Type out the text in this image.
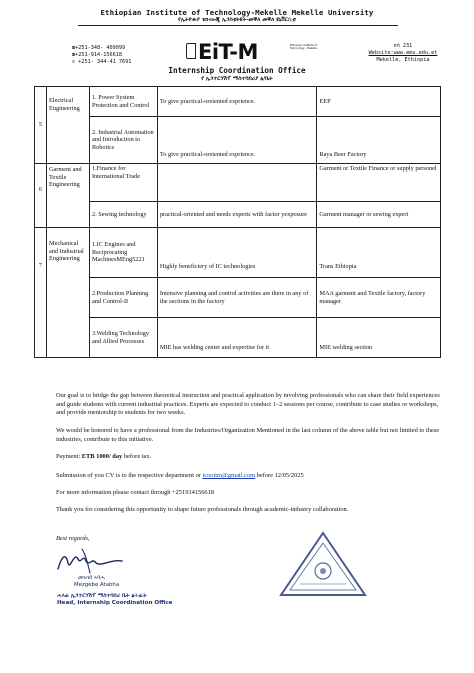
Ethiopian Institute of Technology-Mekelle Mekelle University
የኢትዮጵያ ቴክኖሎጂ ኢንስቲትዩት-መቐለ መቐለ ዩኒቨርሲቲ
☎+251-348- 409099
☎+251-914-156618
✆ +251- 344-41 7691	EiT-M	Ethiopian Institute of Technology - Mekelle	በሳ 231
Website:www.emu.edu.et
Mekelle, Ethiopia
Internship Coordination Office
የ ኢንተርንሽፕ ማስተባበሪያ ፅ/ቤት
5	Electrical Engineering	1. Power System Protection and Control	To give practical-oreiented exprience.	EEP
		2. Industrial Automation and Introduction to Robotics	To give practical-oreiented exprience.	Raya Beer Factory
6	Garment and Textile Engineering	1.Finance for International Trade		Garment or Textile Finance or supply personel
		2. Sewing technology	practical-oriented and needs experts with factor yexposure	Garment manager or sewing expert
7	Mechanical and Industrial Engineering	1.IC Engines and Reciprocating MachinesMEng5221	Highly beneficiery of IC technologies	Trans Ethiopia
		2.Production Planning and Control-II	Intensive planning and control activities are there in any of the sections in the factory	MAA garment and Textile factory, factory manager
		3.Welding Technology and Allied Processes	MIE has welding center and expertise for it	MIE welding section

Our goal is to bridge the gap between theoretical instruction and practical application by involving professionals who can share their field experiences and guide students with current industrial practices. Experts are expected to conduct 1–2 sessions per course, contribute to case studies or workshops, and provide mentorship to students for two weeks.

We would be honored to have a professional from the Industries/Organization Mentioned in the last column of the above table but not limited to these industries, contribute to this initiative.

Payment: ETB 1000/ day before tax.

Submission of you CV is to the respective department or icooitm@gmail.com before 12/05/2025

For more information please contact through +251914156618

Thank you for considering this opportunity to shape future professionals through academic-industry collaboration.

Best regards,
መዝገበ ኣባሓ
Mezgebe Atabha
ሓላፊ ኢንተርንሽፕ ማስተባበሪ ቤት ፅሕፈት
Head, Internship Coordination Office
